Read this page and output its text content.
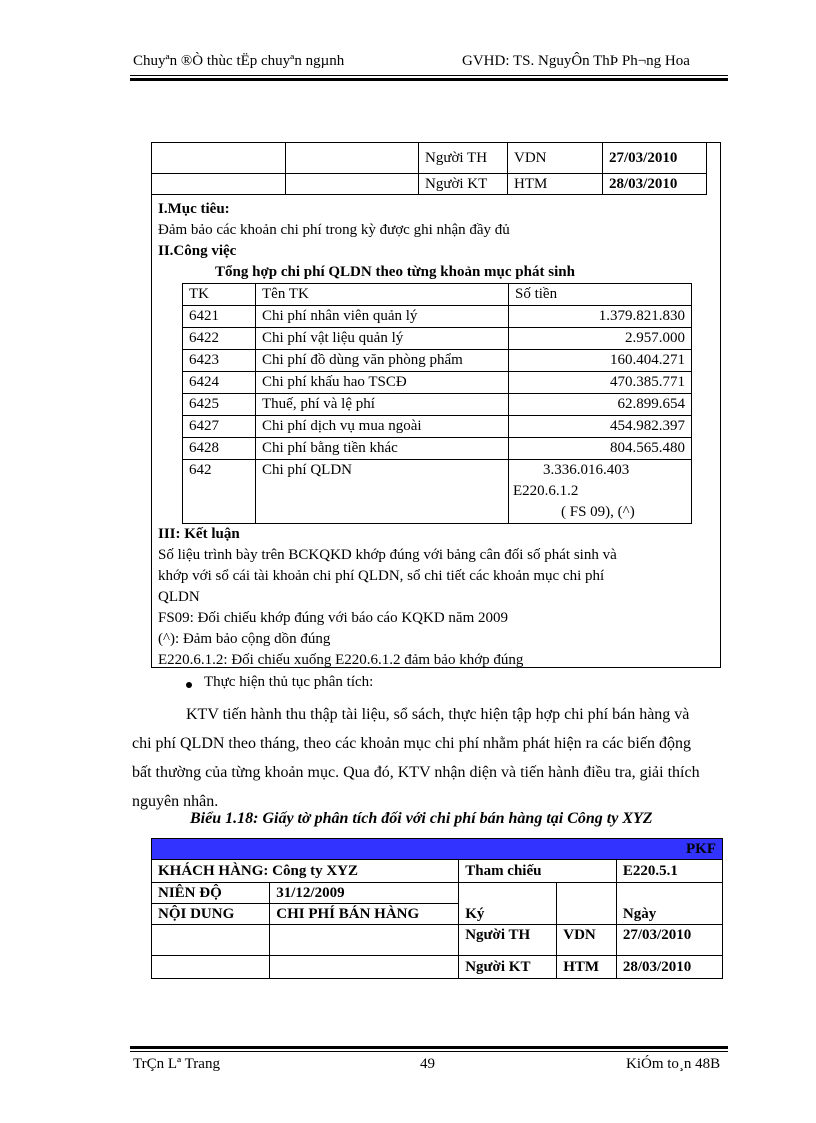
Chuyªn ®Ò thùc tËp chuyªn ngµnh	GVHD: TS. NguyÔn ThÞ Ph¬ng Hoa
		Người TH	VDN	27/03/2010
		Người KT	HTM	28/03/2010
I.Mục tiêu:
Đảm bảo các khoản chi phí trong kỳ được ghi nhận đầy đủ
II.Công việc
Tổng hợp chi phí QLDN theo từng khoản mục phát sinh
TK	Tên TK	Số tiền
6421	Chi phí nhân viên quản lý	1.379.821.830
6422	Chi phí vật liệu quản lý	2.957.000
6423	Chi phí đồ dùng văn phòng phẩm	160.404.271
6424	Chi phí khấu hao TSCĐ	470.385.771
6425	Thuế, phí và lệ phí	62.899.654
6427	Chi phí dịch vụ mua ngoài	454.982.397
6428	Chi phí bằng tiền khác	804.565.480
642	Chi phí QLDN	3.336.016.403
E220.6.1.2
( FS 09), (^)
III: Kết luận
Số liệu trình bày trên BCKQKD khớp đúng với bảng cân đối số phát sinh và
khớp với sổ cái tài khoản chi phí QLDN, sổ chi tiết các khoản mục chi phí
QLDN
FS09: Đối chiếu khớp đúng với báo cáo KQKD năm 2009
(^): Đảm bảo cộng dồn đúng
E220.6.1.2: Đối chiếu xuống E220.6.1.2 đảm bảo khớp đúng
Thực hiện thủ tục phân tích:
KTV tiến hành thu thập tài liệu, sổ sách, thực hiện tập hợp chi phí bán hàng và
chi phí QLDN theo tháng, theo các khoản mục chi phí nhằm phát hiện ra các biến động
bất thường của từng khoản mục. Qua đó, KTV nhận diện và tiến hành điều tra, giải thích
nguyên nhân.
Biểu 1.18: Giấy tờ phân tích đối với chi phí bán hàng tại Công ty XYZ
PKF				
KHÁCH HÀNG: Công ty XYZ		Tham chiếu		E220.5.1
NIÊN ĐỘ	31/12/2009	Ký		Ngày
NỘI DUNG	CHI PHÍ BÁN HÀNG			
		Người TH	VDN	27/03/2010
		Người KT	HTM	28/03/2010
TrÇn Lª Trang	49	KiÓm to¸n 48B
